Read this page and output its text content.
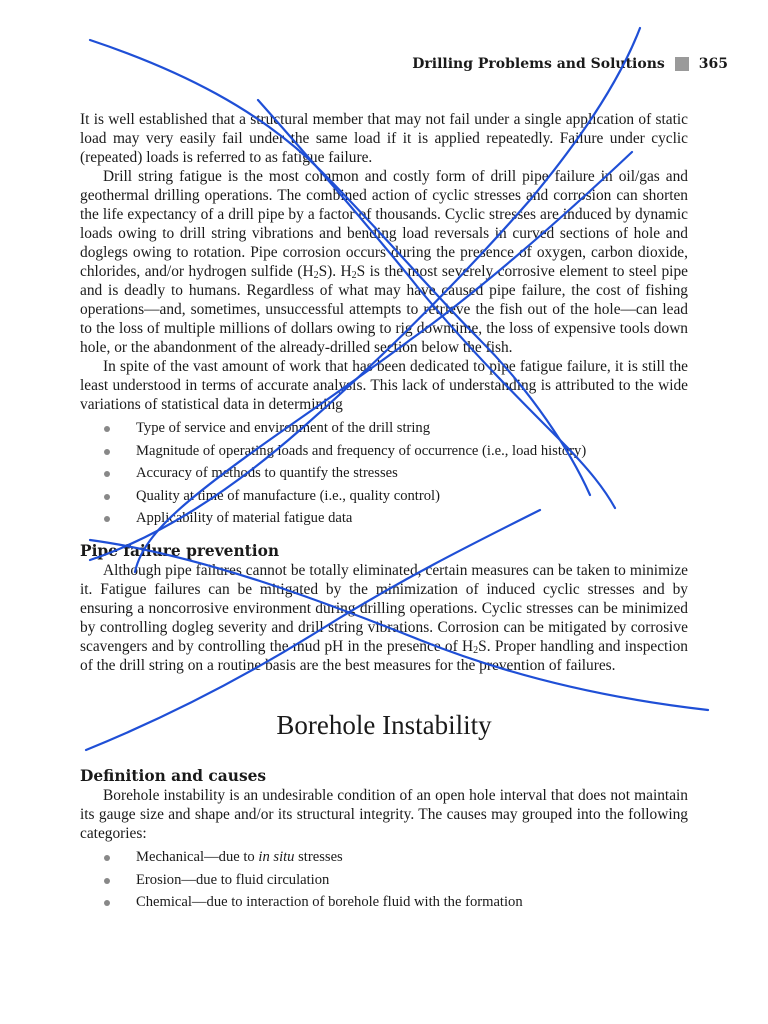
Drilling Problems and Solutions 365

It is well established that a structural member that may not fail under a single application of static load may very easily fail under the same load if it is applied repeatedly. Failure under cyclic (repeated) loads is referred to as fatigue failure.

Drill string fatigue is the most common and costly form of drill pipe failure in oil/gas and geothermal drilling operations. The combined action of cyclic stresses and corrosion can shorten the life expectancy of a drill pipe by a factor of thousands. Cyclic stresses are induced by dynamic loads owing to drill string vibrations and bending load reversals in curved sections of hole and doglegs owing to rotation. Pipe corrosion occurs during the presence of oxygen, carbon dioxide, chlorides, and/or hydrogen sulfide $(H_2S)$. $H_2S$ is the most severely corrosive element to steel pipe and is deadly to humans. Regardless of what may have caused pipe failure, the cost of fishing operations—and, sometimes, unsuccessful attempts to retrieve the fish out of the hole—can lead to the loss of multiple millions of dollars owing to rig downtime, the loss of expensive tools down hole, or the abandonment of the already-drilled section below the fish.

In spite of the vast amount of work that has been dedicated to pipe fatigue failure, it is still the least understood in terms of accurate analysis. This lack of understanding is attributed to the wide variations of statistical data in determining

Type of service and environment of the drill string
Magnitude of operating loads and frequency of occurrence (i.e., load history)
Accuracy of methods to quantify the stresses
Quality at time of manufacture (i.e., quality control)
Applicability of material fatigue data
Pipe failure prevention

Although pipe failures cannot be totally eliminated, certain measures can be taken to minimize it. Fatigue failures can be mitigated by the minimization of induced cyclic stresses and by ensuring a noncorrosive environment during drilling operations. Cyclic stresses can be minimized by controlling dogleg severity and drill string vibrations. Corrosion can be mitigated by corrosive scavengers and by controlling the mud pH in the presence of $H_2S$. Proper handling and inspection of the drill string on a routine basis are the best measures for the prevention of failures.

Borehole Instability
Definition and causes

Borehole instability is an undesirable condition of an open hole interval that does not maintain its gauge size and shape and/or its structural integrity. The causes may grouped into the following categories:

Mechanical—due to in situ stresses
Erosion—due to fluid circulation
Chemical—due to interaction of borehole fluid with the formation
